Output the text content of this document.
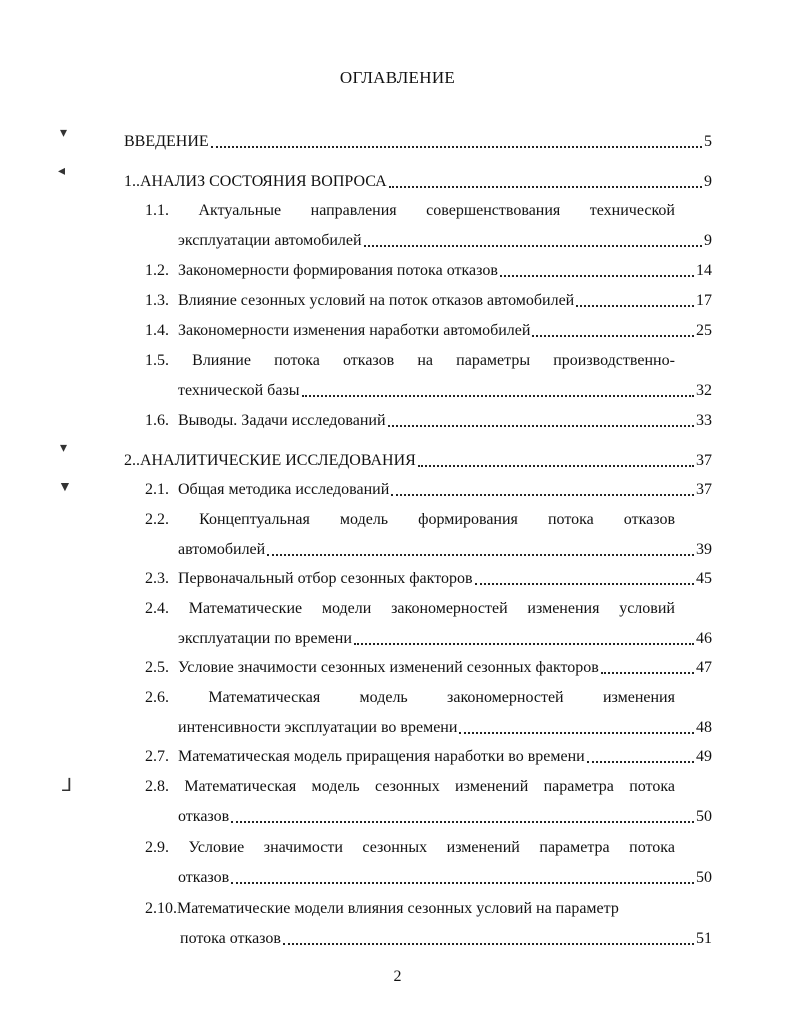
ОГЛАВЛЕНИЕ
▾
◂
▾
▼
⅃
ВВЕДЕНИЕ	5
1..АНАЛИЗ СОСТОЯНИЯ ВОПРОСА	9
1.1. Актуальные направления совершенствования технической
эксплуатации автомобилей	9
1.2. Закономерности формирования потока отказов	14
1.3. Влияние сезонных условий на поток отказов автомобилей	17
1.4. Закономерности изменения наработки автомобилей	25
1.5. Влияние потока отказов на параметры производственно-
технической базы	32
1.6. Выводы. Задачи исследований	33
2..АНАЛИТИЧЕСКИЕ ИССЛЕДОВАНИЯ	37
2.1. Общая методика исследований	37
2.2. Концептуальная модель формирования потока отказов
автомобилей	39
2.3. Первоначальный отбор сезонных факторов	45
2.4. Математические модели закономерностей изменения условий
эксплуатации по времени	46
2.5. Условие значимости сезонных изменений сезонных факторов	47
2.6. Математическая модель закономерностей изменения
интенсивности эксплуатации во времени	48
2.7. Математическая модель приращения наработки во времени	49
2.8. Математическая модель сезонных изменений параметра потока
отказов	50
2.9. Условие значимости сезонных изменений параметра потока
отказов	50
2.10. Математические модели влияния сезонных условий на параметр
потока отказов	51
2
